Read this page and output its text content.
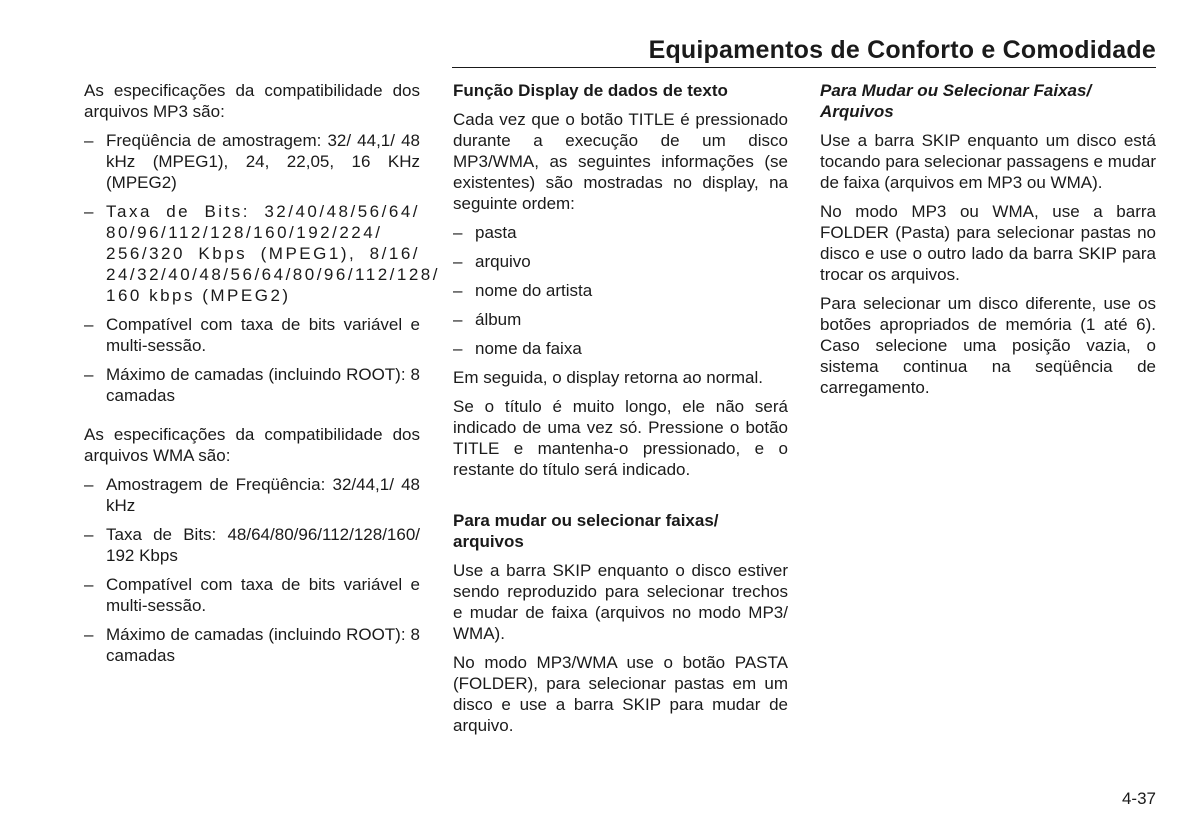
Equipamentos de Conforto e Comodidade

As especificações da compatibilidade dos arquivos MP3 são:

– Freqüência de amostragem: 32/ 44,1/ 48 kHz (MPEG1), 24, 22,05, 16 KHz (MPEG2)
– Taxa de Bits: 32/40/48/56/64/ 80/96/112/128/160/192/224/ 256/320 Kbps (MPEG1), 8/16/ 24/32/40/48/56/64/80/96/112/128/ 160 kbps (MPEG2)
– Compatível com taxa de bits variável e multi-sessão.
– Máximo de camadas (incluindo ROOT): 8 camadas

As especificações da compatibilidade dos arquivos WMA são:

– Amostragem de Freqüência: 32/44,1/ 48 kHz
– Taxa de Bits: 48/64/80/96/112/128/160/ 192 Kbps
– Compatível com taxa de bits variável e multi-sessão.
– Máximo de camadas (incluindo ROOT): 8 camadas
Função Display de dados de texto

Cada vez que o botão TITLE é pressionado durante a execução de um disco MP3/WMA, as seguintes informações (se existentes) são mostradas no display, na seguinte ordem:

– pasta
– arquivo
– nome do artista
– álbum
– nome da faixa

Em seguida, o display retorna ao normal.

Se o título é muito longo, ele não será indicado de uma vez só. Pressione o botão TITLE e mantenha-o pressionado, e o restante do título será indicado.

Para mudar ou selecionar faixas/ arquivos

Use a barra SKIP enquanto o disco estiver sendo reproduzido para selecionar trechos e mudar de faixa (arquivos no modo MP3/ WMA).

No modo MP3/WMA use o botão PASTA (FOLDER), para selecionar pastas em um disco e use a barra SKIP para mudar de arquivo.

Para Mudar ou Selecionar Faixas/ Arquivos

Use a barra SKIP enquanto um disco está tocando para selecionar passagens e mudar de faixa (arquivos em MP3 ou WMA).

No modo MP3 ou WMA, use a barra FOLDER (Pasta) para selecionar pastas no disco e use o outro lado da barra SKIP para trocar os arquivos.

Para selecionar um disco diferente, use os botões apropriados de memória (1 até 6). Caso selecione uma posição vazia, o sistema continua na seqüência de carregamento.

4-37
